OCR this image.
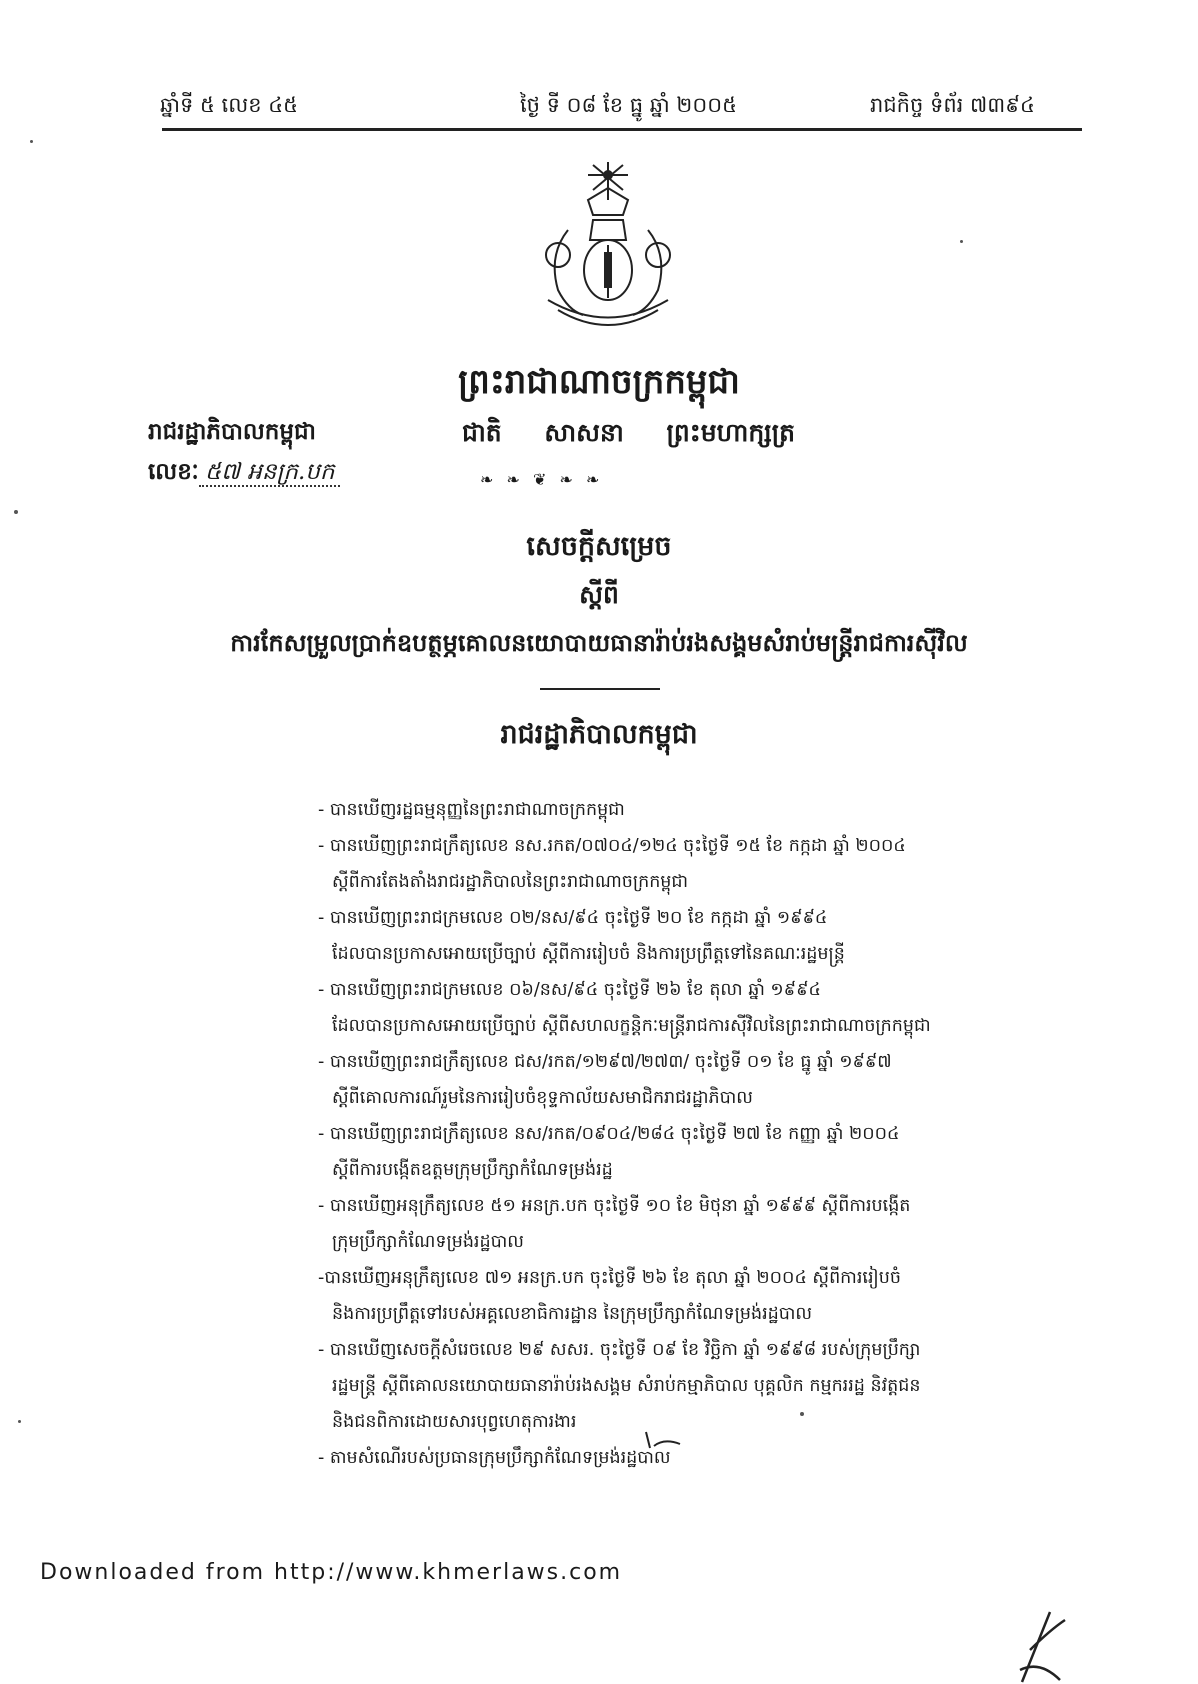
ឆ្នាំទី ៥ លេខ ៤៥	ថ្ងៃ ទី ០៨ ខែ ធ្នូ ឆ្នាំ ២០០៥	រាជកិច្ច ទំព័រ ៧៣៩៤
ព្រះរាជាណាចក្រកម្ពុជា
ជាតិ សាសនា ព្រះមហាក្សត្រ
❧ ❧ ❦ ❧ ❧
រាជរដ្ឋាភិបាលកម្ពុជា
លេខៈ ៥៧ អនក្រ.បក
សេចក្តីសម្រេច
ស្តីពី
ការកែសម្រួលប្រាក់ឧបត្ថម្ភគោលនយោបាយធានារ៉ាប់រងសង្គមសំរាប់មន្ត្រីរាជការស៊ីវិល
រាជរដ្ឋាភិបាលកម្ពុជា
- បានឃើញរដ្ឋធម្មនុញ្ញនៃព្រះរាជាណាចក្រកម្ពុជា
- បានឃើញព្រះរាជក្រឹត្យលេខ នស.រកត/០៧០៤/១២៤ ចុះថ្ងៃទី ១៥ ខែ កក្កដា ឆ្នាំ ២០០៤
ស្តីពីការតែងតាំងរាជរដ្ឋាភិបាលនៃព្រះរាជាណាចក្រកម្ពុជា
- បានឃើញព្រះរាជក្រមលេខ ០២/នស/៩៤ ចុះថ្ងៃទី ២០ ខែ កក្កដា ឆ្នាំ ១៩៩៤
ដែលបានប្រកាសអោយប្រើច្បាប់ ស្តីពីការរៀបចំ និងការប្រព្រឹត្តទៅនៃគណៈរដ្ឋមន្ត្រី
- បានឃើញព្រះរាជក្រមលេខ ០៦/នស/៩៤ ចុះថ្ងៃទី ២៦ ខែ តុលា ឆ្នាំ ១៩៩៤
ដែលបានប្រកាសអោយប្រើច្បាប់ ស្តីពីសហលក្ខន្តិកៈមន្ត្រីរាជការស៊ីវិលនៃព្រះរាជាណាចក្រកម្ពុជា
- បានឃើញព្រះរាជក្រឹត្យលេខ ជស/រកត/១២៩៧/២៧៣/ ចុះថ្ងៃទី ០១ ខែ ធ្នូ ឆ្នាំ ១៩៩៧
ស្តីពីគោលការណ៍រួមនៃការរៀបចំខុទ្ទកាល័យសមាជិករាជរដ្ឋាភិបាល
- បានឃើញព្រះរាជក្រឹត្យលេខ នស/រកត/០៩០៤/២៨៤ ចុះថ្ងៃទី ២៧ ខែ កញ្ញា ឆ្នាំ ២០០៤
ស្តីពីការបង្កើតឧត្តមក្រុមប្រឹក្សាកំណែទម្រង់រដ្ឋ
- បានឃើញអនុក្រឹត្យលេខ ៥១ អនក្រ.បក ចុះថ្ងៃទី ១០ ខែ មិថុនា ឆ្នាំ ១៩៩៩ ស្តីពីការបង្កើត
ក្រុមប្រឹក្សាកំណែទម្រង់រដ្ឋបាល
-បានឃើញអនុក្រឹត្យលេខ ៧១ អនក្រ.បក ចុះថ្ងៃទី ២៦ ខែ តុលា ឆ្នាំ ២០០៤ ស្តីពីការរៀបចំ
និងការប្រព្រឹត្តទៅរបស់អគ្គលេខាធិការដ្ឋាន នៃក្រុមប្រឹក្សាកំណែទម្រង់រដ្ឋបាល
- បានឃើញសេចក្តីសំរេចលេខ ២៩ សសរ. ចុះថ្ងៃទី ០៩ ខែ វិច្ឆិកា ឆ្នាំ ១៩៩៨ របស់ក្រុមប្រឹក្សា
រដ្ឋមន្ត្រី ស្តីពីគោលនយោបាយធានារ៉ាប់រងសង្គម សំរាប់កម្មាភិបាល បុគ្គលិក កម្មកររដ្ឋ និវត្តជន
និងជនពិការដោយសារបុព្វហេតុការងារ
- តាមសំណើរបស់ប្រធានក្រុមប្រឹក្សាកំណែទម្រង់រដ្ឋបាល
Downloaded from http://www.khmerlaws.com
